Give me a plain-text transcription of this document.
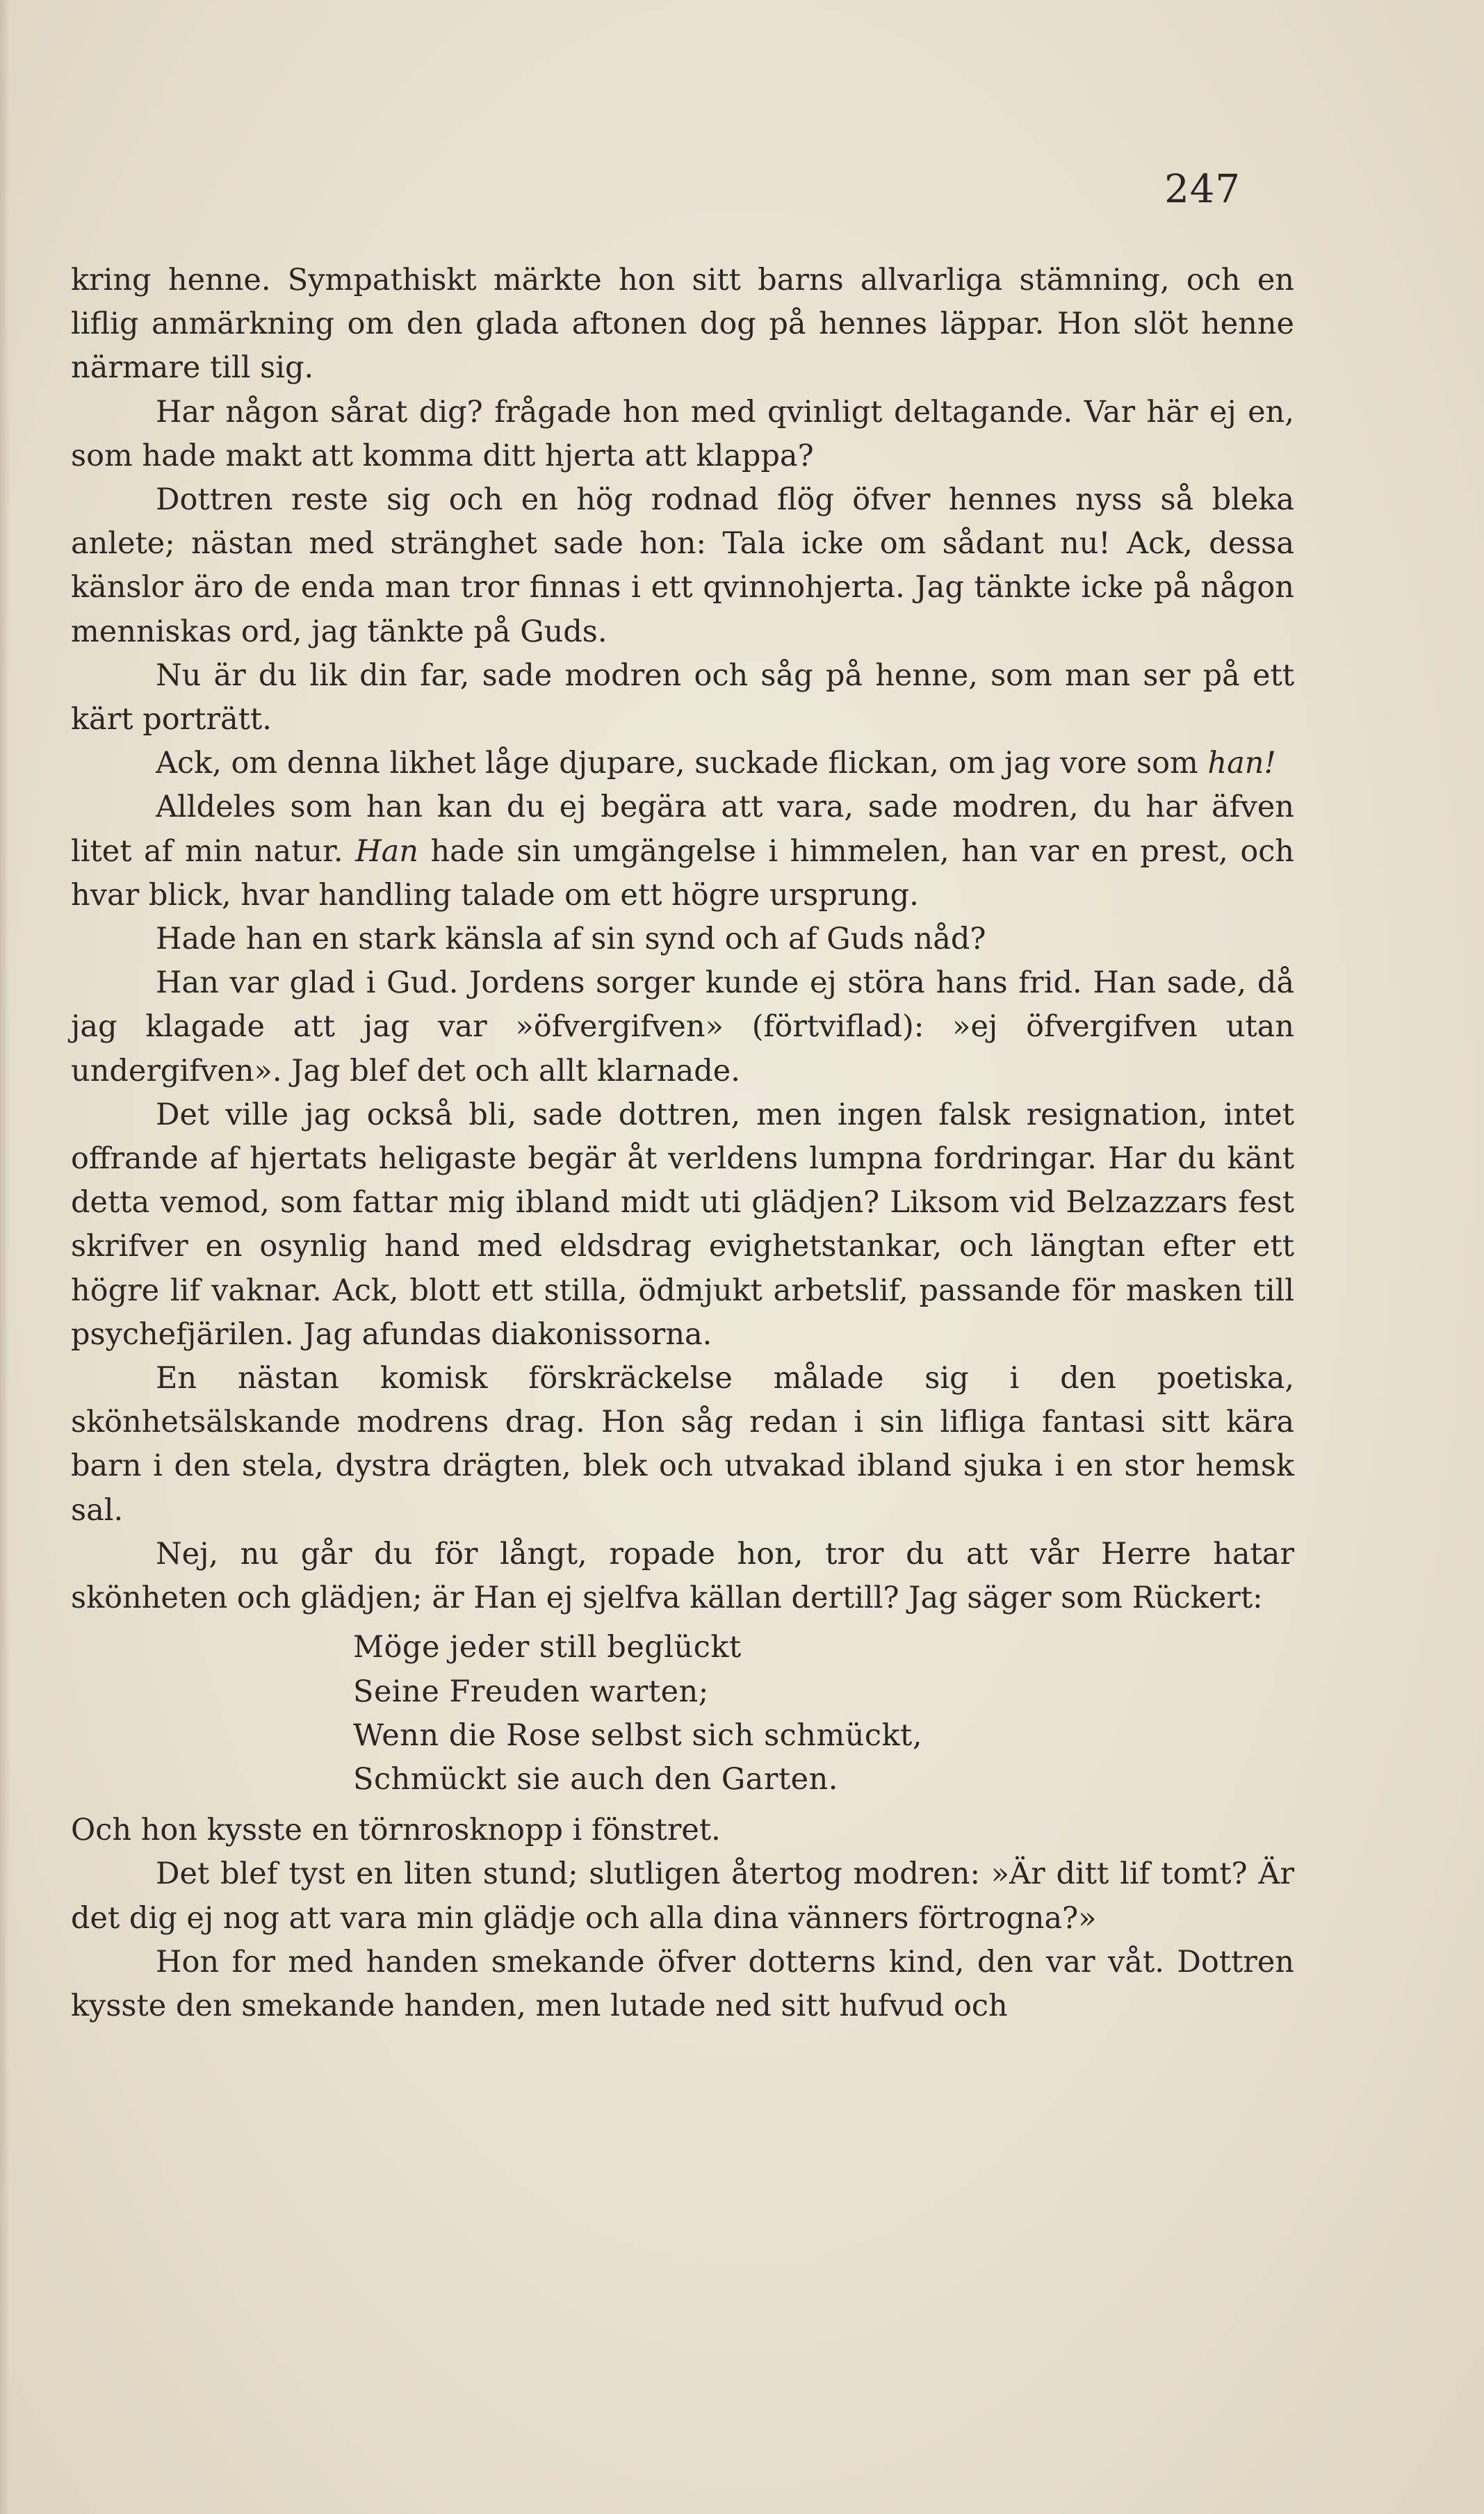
247

kring henne. Sympathiskt märkte hon sitt barns allvarliga stämning, och en liflig anmärkning om den glada aftonen dog på hennes läppar. Hon slöt henne närmare till sig.

Har någon sårat dig? frågade hon med qvinligt deltagande. Var här ej en, som hade makt att komma ditt hjerta att klappa?

Dottren reste sig och en hög rodnad flög öfver hennes nyss så bleka anlete; nästan med stränghet sade hon: Tala icke om sådant nu! Ack, dessa känslor äro de enda man tror finnas i ett qvinnohjerta. Jag tänkte icke på någon menniskas ord, jag tänkte på Guds.

Nu är du lik din far, sade modren och såg på henne, som man ser på ett kärt porträtt.

Ack, om denna likhet låge djupare, suckade flickan, om jag vore som han!

Alldeles som han kan du ej begära att vara, sade modren, du har äfven litet af min natur. Han hade sin umgängelse i himmelen, han var en prest, och hvar blick, hvar handling talade om ett högre ursprung.

Hade han en stark känsla af sin synd och af Guds nåd?

Han var glad i Gud. Jordens sorger kunde ej störa hans frid. Han sade, då jag klagade att jag var »öfvergifven» (förtviflad): »ej öfvergifven utan undergifven». Jag blef det och allt klarnade.

Det ville jag också bli, sade dottren, men ingen falsk resignation, intet offrande af hjertats heligaste begär åt verldens lumpna fordringar. Har du känt detta vemod, som fattar mig ibland midt uti glädjen? Liksom vid Belzazzars fest skrifver en osynlig hand med eldsdrag evighetstankar, och längtan efter ett högre lif vaknar. Ack, blott ett stilla, ödmjukt arbetslif, passande för masken till psychefjärilen. Jag afundas diakonissorna.

En nästan komisk förskräckelse målade sig i den poetiska, skönhetsälskande modrens drag. Hon såg redan i sin lifliga fantasi sitt kära barn i den stela, dystra drägten, blek och utvakad ibland sjuka i en stor hemsk sal.

Nej, nu går du för långt, ropade hon, tror du att vår Herre hatar skönheten och glädjen; är Han ej sjelfva källan dertill? Jag säger som Rückert:

Möge jeder still beglückt
Seine Freuden warten;
Wenn die Rose selbst sich schmückt,
Schmückt sie auch den Garten.

Och hon kysste en törnrosknopp i fönstret.

Det blef tyst en liten stund; slutligen återtog modren: »Är ditt lif tomt? Är det dig ej nog att vara min glädje och alla dina vänners förtrogna?»

Hon for med handen smekande öfver dotterns kind, den var våt. Dottren kysste den smekande handen, men lutade ned sitt hufvud och
